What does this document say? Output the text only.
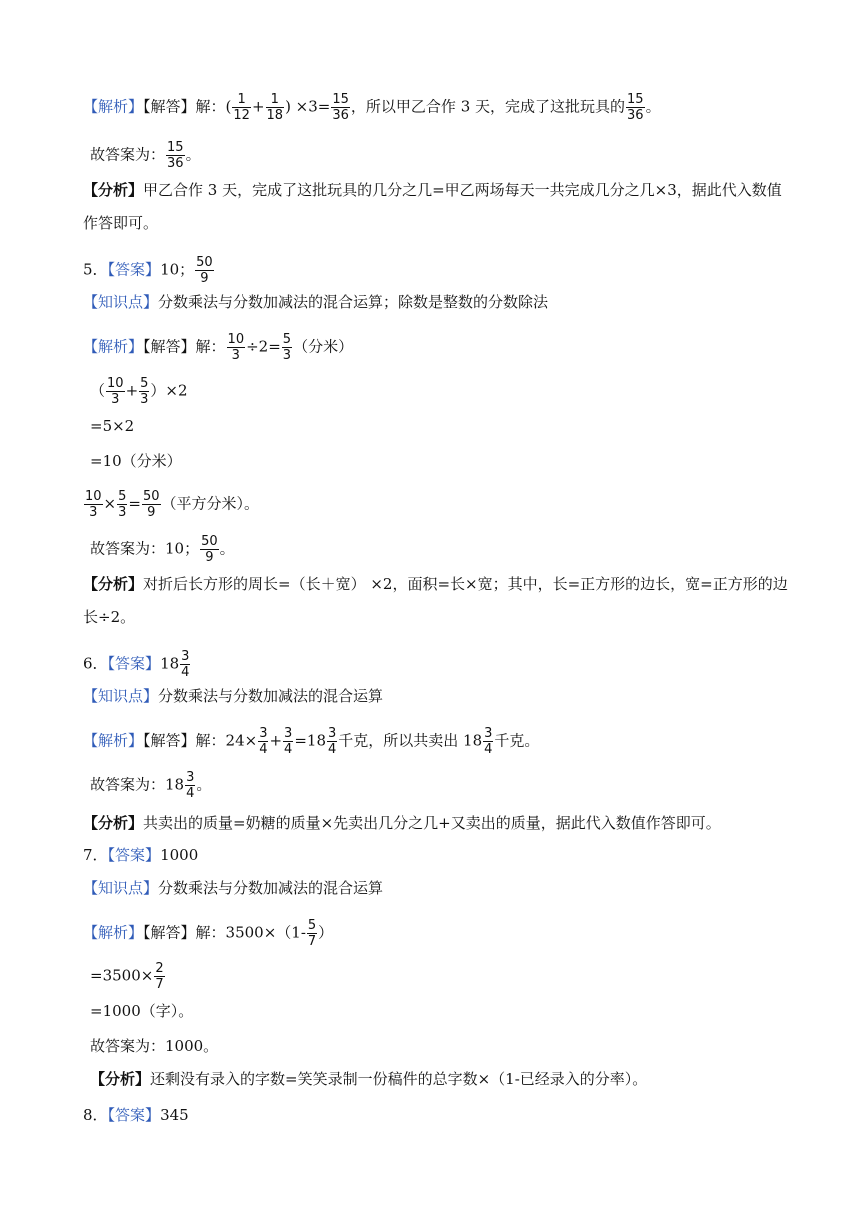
【解析】【解答】解：( $\frac{1}{12} + \frac{1}{18}$ ) $\times 3= \frac{15}{36}$ ，所以甲乙合作 3 天，完成了这批玩具的 $\frac{15}{36}$ 。
故答案为： $\frac{15}{36}$ 。
【分析】甲乙合作 3 天，完成了这批玩具的几分之几=甲乙两场每天一共完成几分之几×3，据此代入数值
作答即可。
5．【答案】10； $\frac{50}{9}$
【知识点】分数乘法与分数加减法的混合运算；除数是整数的分数除法
【解析】【解答】解： $\frac{10}{3} \div 2= \frac{5}{3}$ （分米）
（ $\frac{10}{3} + \frac{5}{3} )\times 2$
=5×2
=10（分米）
$\frac{10}{3} \times \frac{5}{3} = \frac{50}{9}$ （平方分米）。
故答案为：10； $\frac{50}{9}$ 。
【分析】对折后长方形的周长=（长＋宽） ×2，面积=长×宽；其中，长=正方形的边长，宽=正方形的边
长÷2。
6．【答案】$18 \frac{3}{4}$
【知识点】分数乘法与分数加减法的混合运算
【解析】【解答】解：$24\times \frac{3}{4} + \frac{3}{4} =18 \frac{3}{4}$ 千克，所以共卖出 $18 \frac{3}{4}$ 千克。
故答案为：$18 \frac{3}{4}$ 。
【分析】共卖出的质量=奶糖的质量×先卖出几分之几+又卖出的质量，据此代入数值作答即可。
7．【答案】1000
【知识点】分数乘法与分数加减法的混合运算
【解析】【解答】解：$3500\times(1- \frac{5}{7}$ ）
$=3500\times \frac{2}{7}$
=1000（字）。
故答案为：1000。
【分析】还剩没有录入的字数=笑笑录制一份稿件的总字数×（1-已经录入的分率）。
8．【答案】345
